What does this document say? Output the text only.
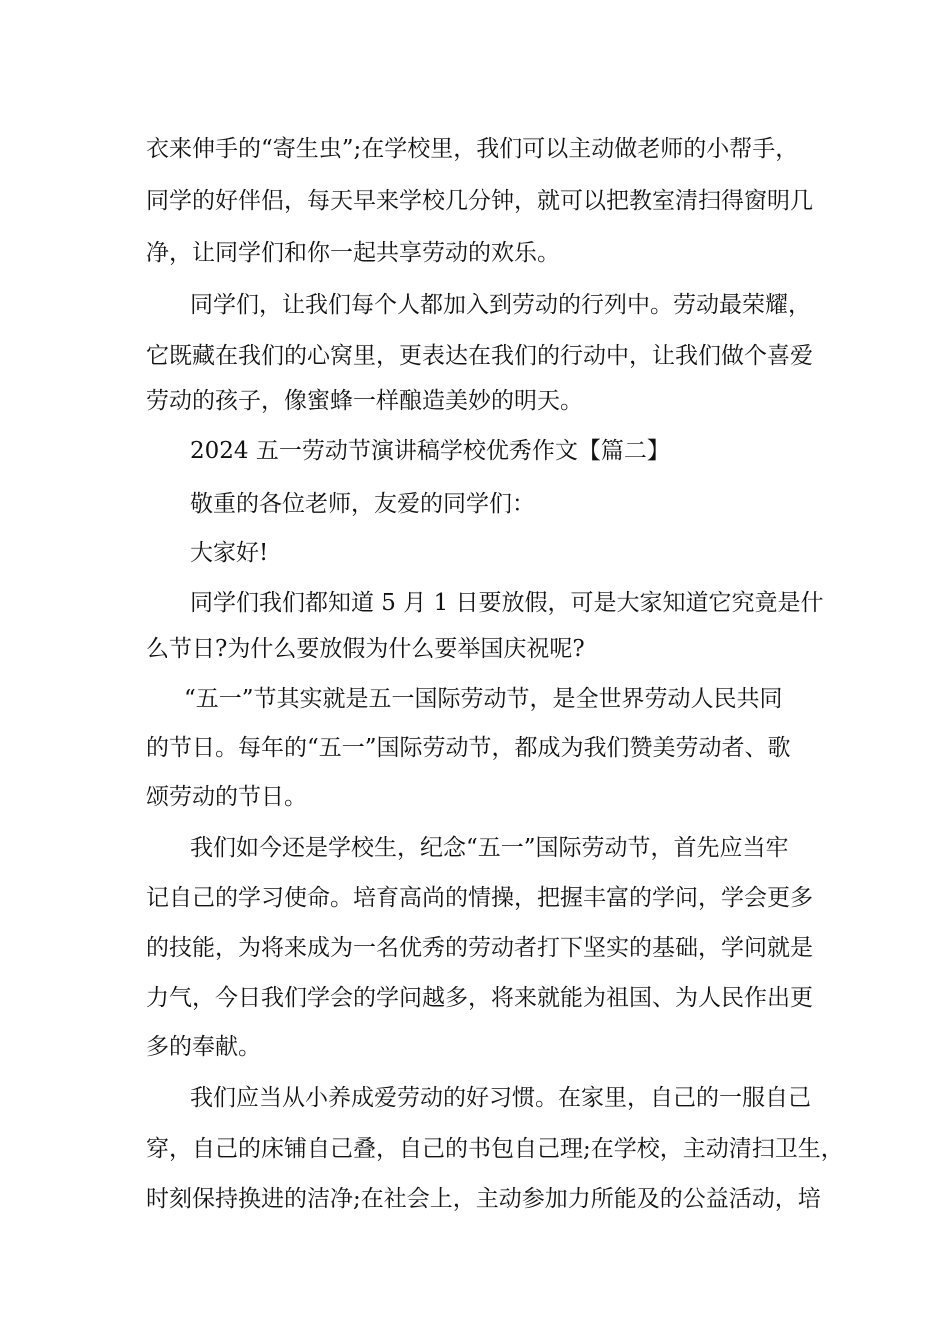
衣来伸手的“寄生虫”;在学校里，我们可以主动做老师的小帮手，
同学的好伴侣，每天早来学校几分钟，就可以把教室清扫得窗明几
净，让同学们和你一起共享劳动的欢乐。
同学们，让我们每个人都加入到劳动的行列中。劳动最荣耀，
它既藏在我们的心窝里，更表达在我们的行动中，让我们做个喜爱
劳动的孩子，像蜜蜂一样酿造美妙的明天。
2024 五一劳动节演讲稿学校优秀作文【篇二】
敬重的各位老师，友爱的同学们：
大家好!
同学们我们都知道 5 月 1 日要放假，可是大家知道它究竟是什
么节日?为什么要放假为什么要举国庆祝呢?
“五一”节其实就是五一国际劳动节，是全世界劳动人民共同
的节日。每年的“五一”国际劳动节，都成为我们赞美劳动者、歌
颂劳动的节日。
我们如今还是学校生，纪念“五一”国际劳动节，首先应当牢
记自己的学习使命。培育高尚的情操，把握丰富的学问，学会更多
的技能，为将来成为一名优秀的劳动者打下坚实的基础，学问就是
力气，今日我们学会的学问越多，将来就能为祖国、为人民作出更
多的奉献。
我们应当从小养成爱劳动的好习惯。在家里，自己的一服自己
穿，自己的床铺自己叠，自己的书包自己理;在学校，主动清扫卫生，
时刻保持换进的洁净;在社会上，主动参加力所能及的公益活动，培
